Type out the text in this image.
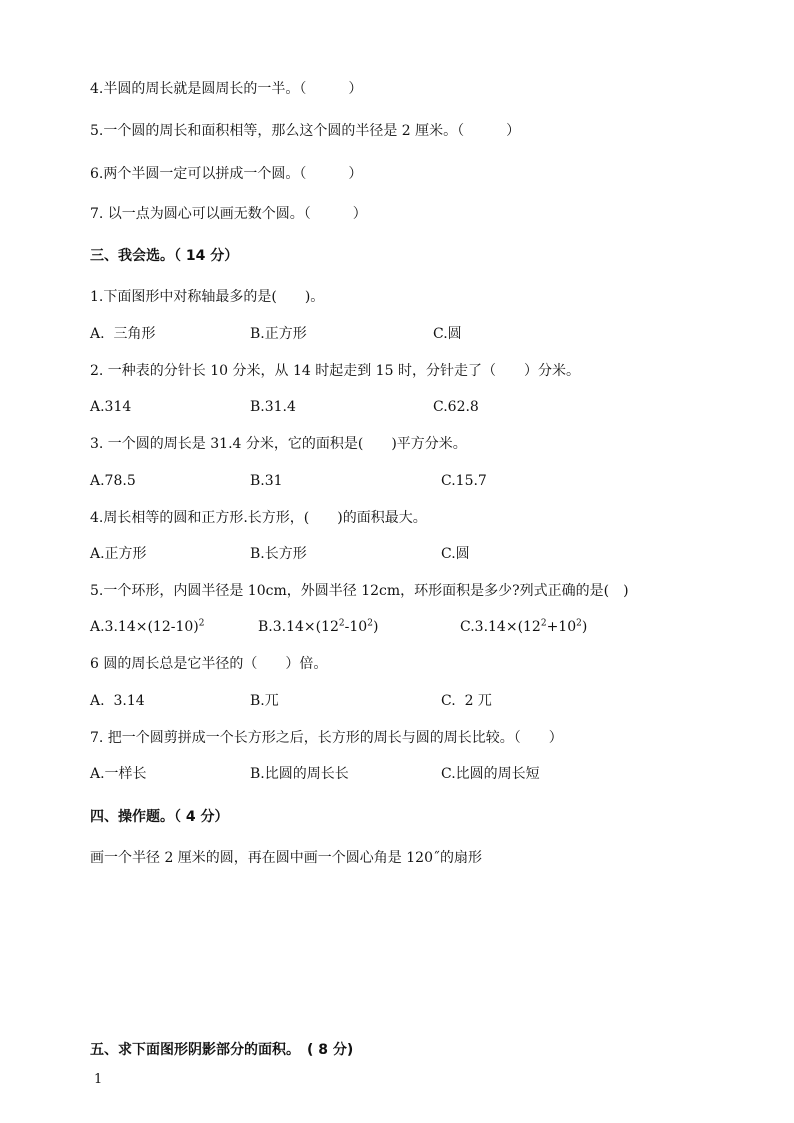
4.半圆的周长就是圆周长的一半。（　　　）
5.一个圆的周长和面积相等，那么这个圆的半径是 2 厘米。（　　　）
6.两个半圆一定可以拼成一个圆。（　　　）
7. 以一点为圆心可以画无数个圆。（　　　）
三、我会选。（ 14 分）
1.下面图形中对称轴最多的是(　　)。
A.  三角形	B.正方形	C.圆
2. 一种表的分针长 10 分米，从 14 时起走到 15 时，分针走了（　　）分米。
A.314	B.31.4	C.62.8
3. 一个圆的周长是 31.4 分米，它的面积是(　　)平方分米。
A.78.5	B.31	C.15.7
4.周长相等的圆和正方形.长方形，(　　)的面积最大。
A.正方形	B.长方形	C.圆
5.一个环形，内圆半径是 10cm，外圆半径 12cm，环形面积是多少?列式正确的是(　)
$A.3.14\times(12-10)^2$	$B.3.14\times(12^2-10^2)$	$C.3.14\times(12^2+10^2)$
6 圆的周长总是它半径的（　　）倍。
A.  3.14	B.兀	C.  2 兀
7. 把一个圆剪拼成一个长方形之后，长方形的周长与圆的周长比较。（　　）
A.一样长	B.比圆的周长长	C.比圆的周长短
四、操作题。（ 4 分）
画一个半径 2 厘米的圆，再在圆中画一个圆心角是 120˝的扇形
五、求下面图形阴影部分的面积。　( 8 分)
1
